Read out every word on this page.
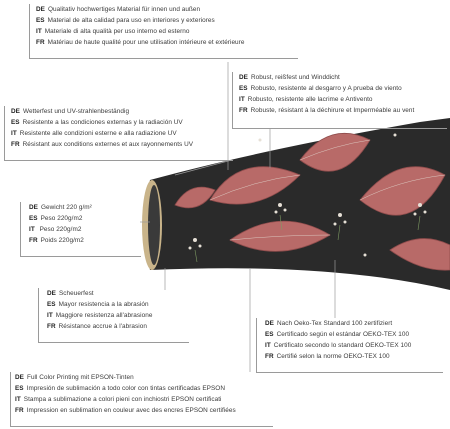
DE Qualitativ hochwertiges Material für innen und außen

ES Material de alta calidad para uso en interiores y exteriores

IT Materiale di alta qualità per uso interno ed esterno

FR Matériau de haute qualité pour une utilisation intérieure et extérieure

DE Robust, reißfest und Winddicht

ES Robusto, resistente al desgarro y A prueba de viento

IT Robusto, resistente alle lacrime e Antivento

FR Robuste, résistant à la déchirure et Imperméable au vent

DE Wetterfest und UV-strahlenbeständig

ES Resistente a las condiciones externas y la radiación UV

IT Resistente alle condizioni esterne e alla radiazione UV

FR Résistant aux conditions externes et aux rayonnements UV

DE Gewicht 220 g/m²

ES Peso 220g/m2

IT Peso 220g/m2

FR Poids 220g/m2

DE Scheuerfest

ES Mayor resistencia a la abrasión

IT Maggiore resistenza all'abrasione

FR Résistance accrue à l'abrasion	DE Nach Oeko-Tex Standard 100 zertifiziert

ES Certificado según el estándar OEKO-TEX 100

IT Certificato secondo lo standard OEKO-TEX 100

FR Certifié selon la norme OEKO-TEX 100

DE Full Color Printing mit EPSON-Tinten

ES Impresión de sublimación a todo color con tintas certificadas EPSON

IT Stampa a sublimazione a colori pieni con inchiostri EPSON certificati

FR Impression en sublimation en couleur avec des encres EPSON certifiées
